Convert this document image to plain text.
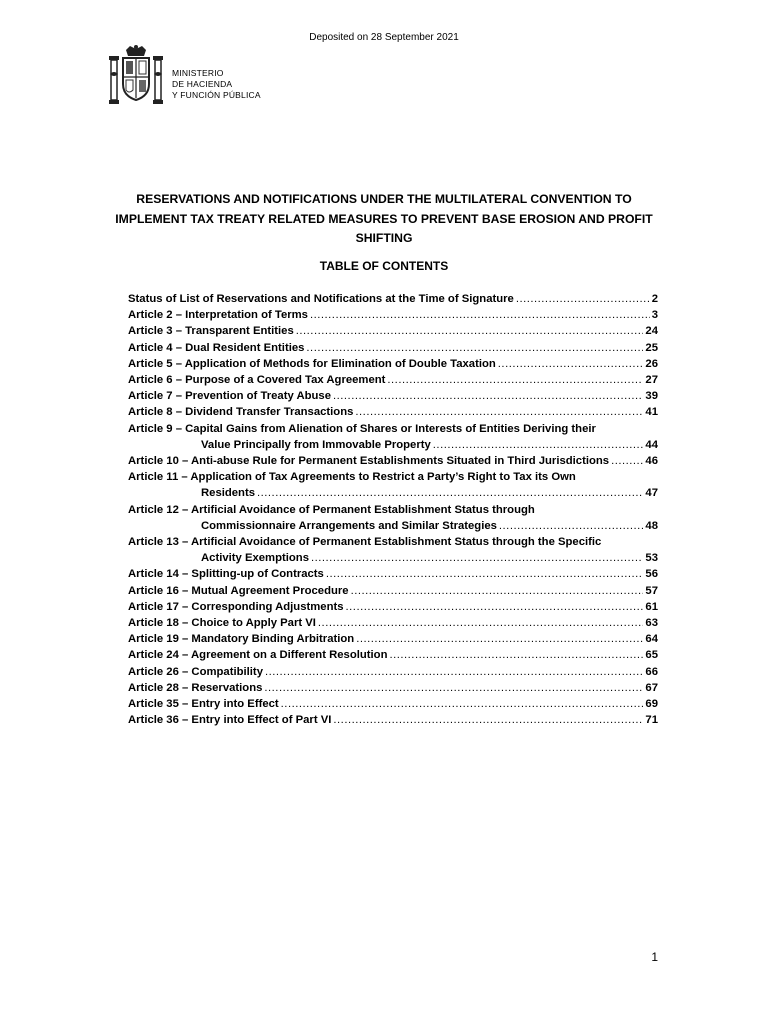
Deposited on 28 September 2021
MINISTERIO
DE HACIENDA
Y FUNCIÓN PÚBLICA
RESERVATIONS AND NOTIFICATIONS UNDER THE MULTILATERAL CONVENTION TO IMPLEMENT TAX TREATY RELATED MEASURES TO PREVENT BASE EROSION AND PROFIT SHIFTING
TABLE OF CONTENTS
Status of List of Reservations and Notifications at the Time of Signature .....	2
Article 2 – Interpretation of Terms .....	3
Article 3 – Transparent Entities .....	24
Article 4 – Dual Resident Entities .....	25
Article 5 – Application of Methods for Elimination of Double Taxation .....	26
Article 6 – Purpose of a Covered Tax Agreement .....	27
Article 7 – Prevention of Treaty Abuse .....	39
Article 8 – Dividend Transfer Transactions .....	41
Article 9 – Capital Gains from Alienation of Shares or Interests of Entities Deriving their
Value Principally from Immovable Property .....	44
Article 10 – Anti-abuse Rule for Permanent Establishments Situated in Third Jurisdictions .....	46
Article 11 – Application of Tax Agreements to Restrict a Party’s Right to Tax its Own
Residents .....	47
Article 12 – Artificial Avoidance of Permanent Establishment Status through
Commissionnaire Arrangements and Similar Strategies .....	48
Article 13 – Artificial Avoidance of Permanent Establishment Status through the Specific
Activity Exemptions .....	53
Article 14 – Splitting-up of Contracts .....	56
Article 16 – Mutual Agreement Procedure .....	57
Article 17 – Corresponding Adjustments .....	61
Article 18 – Choice to Apply Part VI .....	63
Article 19 – Mandatory Binding Arbitration .....	64
Article 24 – Agreement on a Different Resolution .....	65
Article 26 – Compatibility .....	66
Article 28 – Reservations .....	67
Article 35 – Entry into Effect .....	69
Article 36 – Entry into Effect of Part VI .....	71
1
